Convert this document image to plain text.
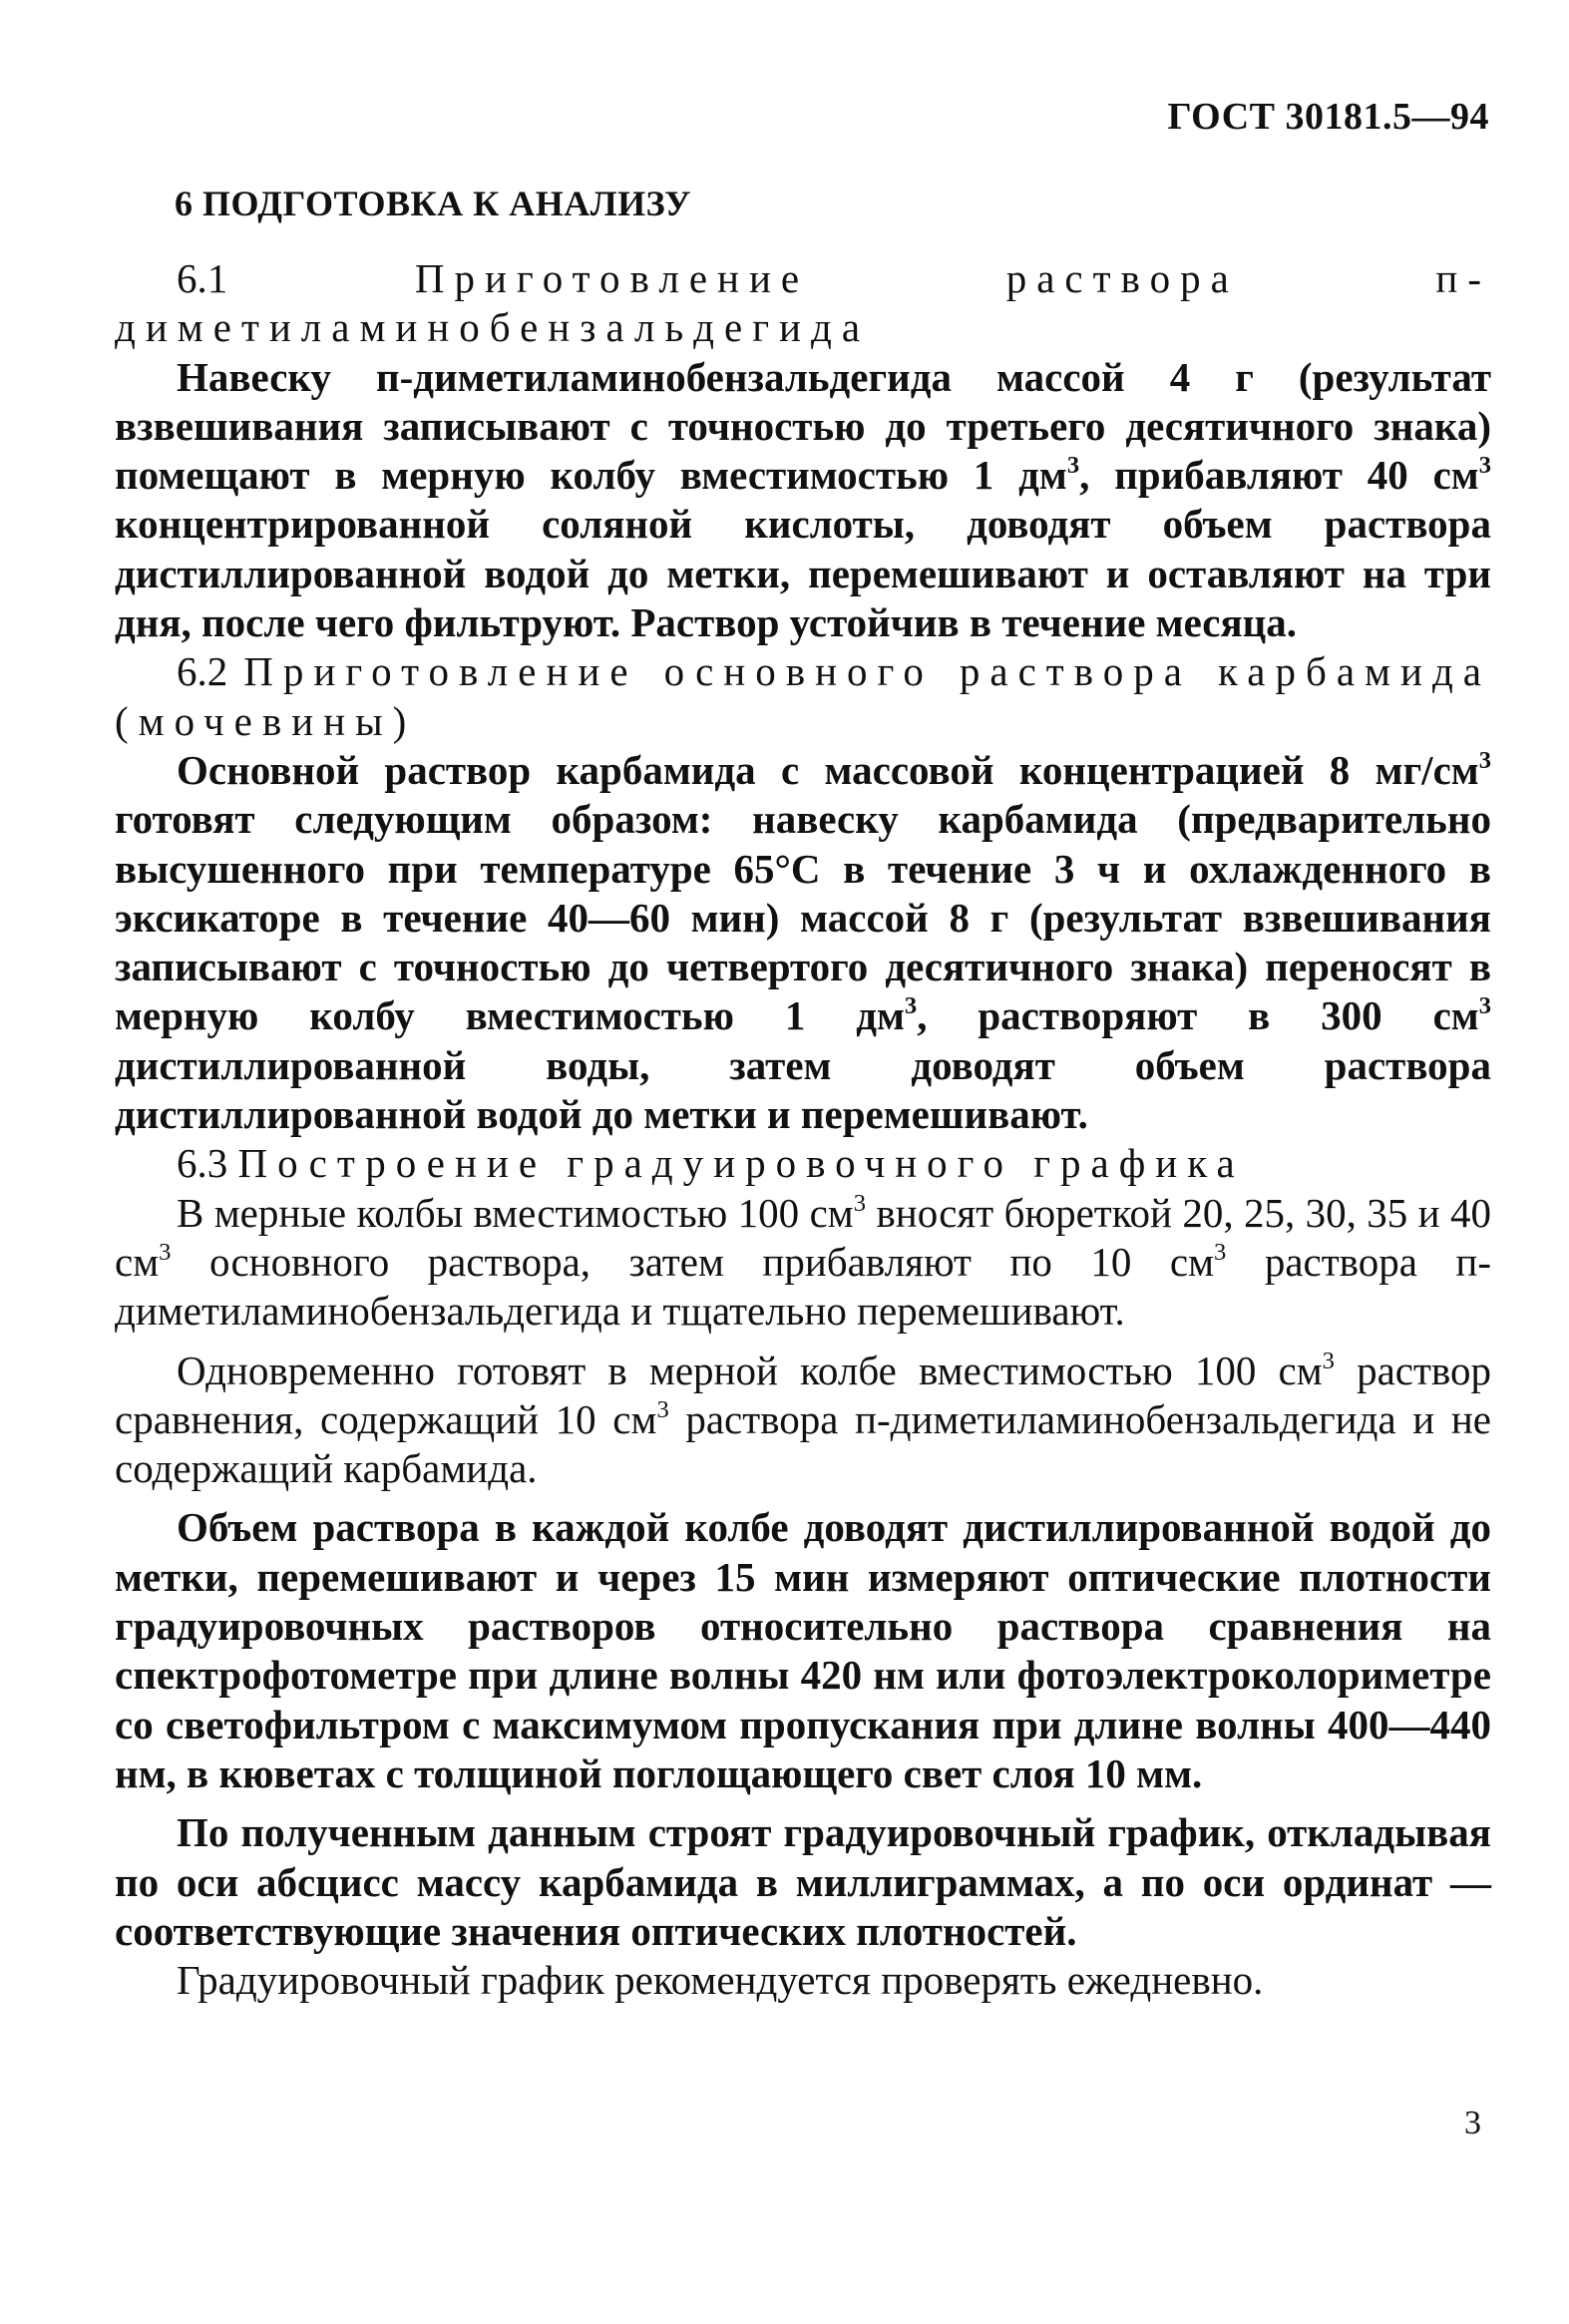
ГОСТ 30181.5—94
6 ПОДГОТОВКА К АНАЛИЗУ

6.1	Приготовление раствора п-диметиламинобензальдегида

Навеску п-диметиламинобензальдегида массой 4 г (результат взвешивания записывают с точностью до третьего десятичного знака) помещают в мерную колбу вместимостью 1 $дм^3$, прибавляют 40 $см^3$ концентрированной соляной кислоты, доводят объем раствора дистиллированной водой до метки, перемешивают и оставляют на три дня, после чего фильтруют. Раствор устойчив в течение месяца.

6.2 Приготовление основного раствора карбамида (мочевины)

Основной раствор карбамида с массовой концентрацией 8 $мг/см^3$ готовят следующим образом: навеску карбамида (предварительно высушенного при температуре 65°С в течение 3 ч и охлажденного в эксикаторе в течение 40—60 мин) массой 8 г (результат взвешивания записывают с точностью до четвертого десятичного знака) переносят в мерную колбу вместимостью 1 $дм^3$, растворяют в 300 $см^3$ дистиллированной воды, затем доводят объем раствора дистиллированной водой до метки и перемешивают.

6.3 Построение градуировочного графика

В мерные колбы вместимостью 100 $см^3$ вносят бюреткой 20, 25, 30, 35 и 40 $см^3$ основного раствора, затем прибавляют по 10 $см^3$ раствора п-диметиламинобензальдегида и тщательно перемешивают.

Одновременно готовят в мерной колбе вместимостью 100 $см^3$ раствор сравнения, содержащий 10 $см^3$ раствора п-диметиламинобензальдегида и не содержащий карбамида.

Объем раствора в каждой колбе доводят дистиллированной водой до метки, перемешивают и через 15 мин измеряют оптические плотности градуировочных растворов относительно раствора сравнения на спектрофотометре при длине волны 420 нм или фотоэлектроколориметре со светофильтром с максимумом пропускания при длине волны 400—440 нм, в кюветах с толщиной поглощающего свет слоя 10 мм.

По полученным данным строят градуировочный график, откладывая по оси абсцисс массу карбамида в миллиграммах, а по оси ординат — соответствующие значения оптических плотностей.

Градуировочный график рекомендуется проверять ежедневно.

3
